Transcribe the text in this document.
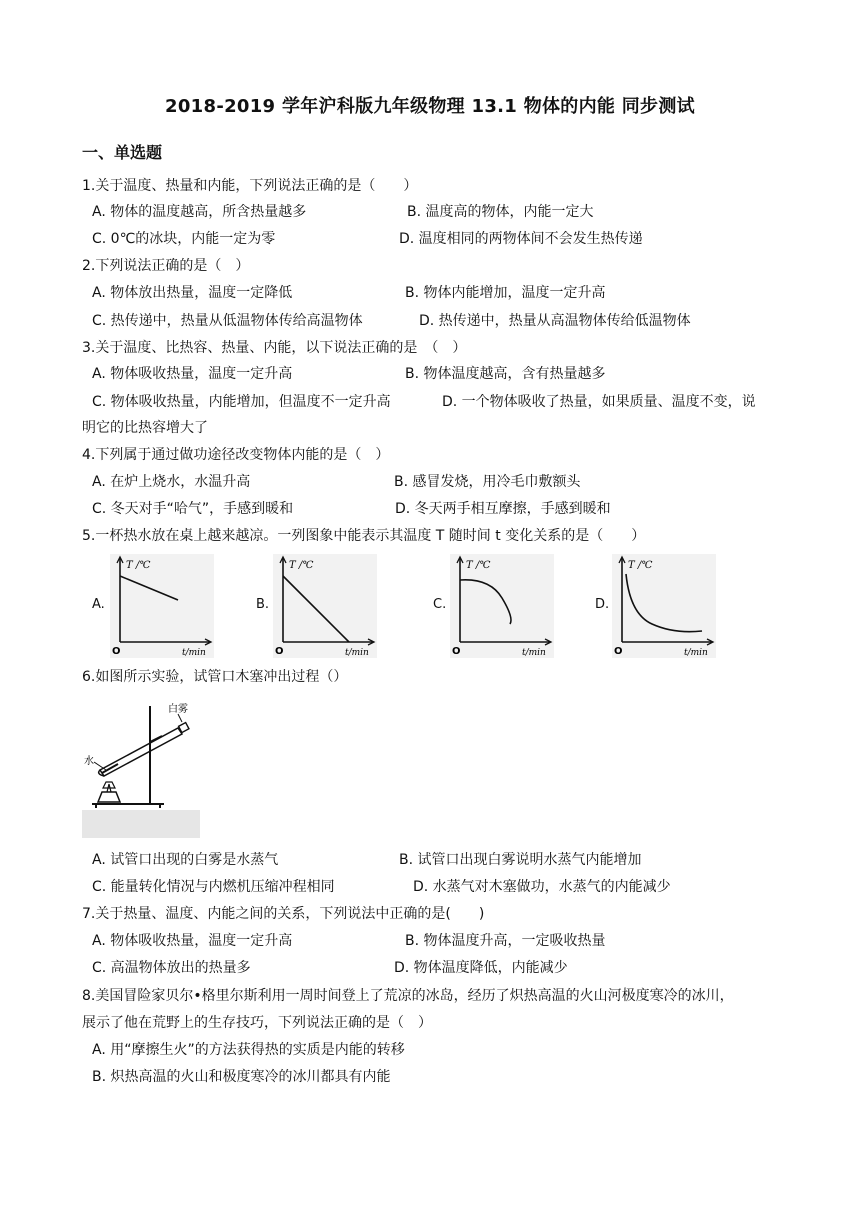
2018-2019 学年沪科版九年级物理 13.1 物体的内能 同步测试
一、单选题
1.关于温度、热量和内能，下列说法正确的是（　　）
A. 物体的温度越高，所含热量越多	B. 温度高的物体，内能一定大
C. 0℃的冰块，内能一定为零	D. 温度相同的两物体间不会发生热传递
2.下列说法正确的是（　）
A. 物体放出热量，温度一定降低	B. 物体内能增加，温度一定升高
C. 热传递中，热量从低温物体传给高温物体	D. 热传递中，热量从高温物体传给低温物体
3.关于温度、比热容、热量、内能，以下说法正确的是　（　）
A. 物体吸收热量，温度一定升高	B. 物体温度越高，含有热量越多
C. 物体吸收热量，内能增加，但温度不一定升高	D. 一个物体吸收了热量，如果质量、温度不变，说
明它的比热容增大了
4.下列属于通过做功途径改变物体内能的是（　）
A. 在炉上烧水，水温升高	B. 感冒发烧，用冷毛巾敷额头
C. 冬天对手“哈气”，手感到暖和	D. 冬天两手相互摩擦，手感到暖和
5.一杯热水放在桌上越来越凉。一列图象中能表示其温度 T 随时间 t 变化关系的是（　　）
A.	B.	C.	D.
T /℃
O	t/min
T /℃
O	t/min
T /℃
O	t/min
T /℃
O	t/min
6.如图所示实验，试管口木塞冲出过程（）
白雾
水
A. 试管口出现的白雾是水蒸气	B. 试管口出现白雾说明水蒸气内能增加
C. 能量转化情况与内燃机压缩冲程相同	D. 水蒸气对木塞做功，水蒸气的内能减少
7.关于热量、温度、内能之间的关系，下列说法中正确的是(　　)
A. 物体吸收热量，温度一定升高	B. 物体温度升高，一定吸收热量
C. 高温物体放出的热量多	D. 物体温度降低，内能减少
8.美国冒险家贝尔•格里尔斯利用一周时间登上了荒凉的冰岛，经历了炽热高温的火山河极度寒冷的冰川，
展示了他在荒野上的生存技巧，下列说法正确的是（　）
A. 用“摩擦生火”的方法获得热的实质是内能的转移
B. 炽热高温的火山和极度寒冷的冰川都具有内能
